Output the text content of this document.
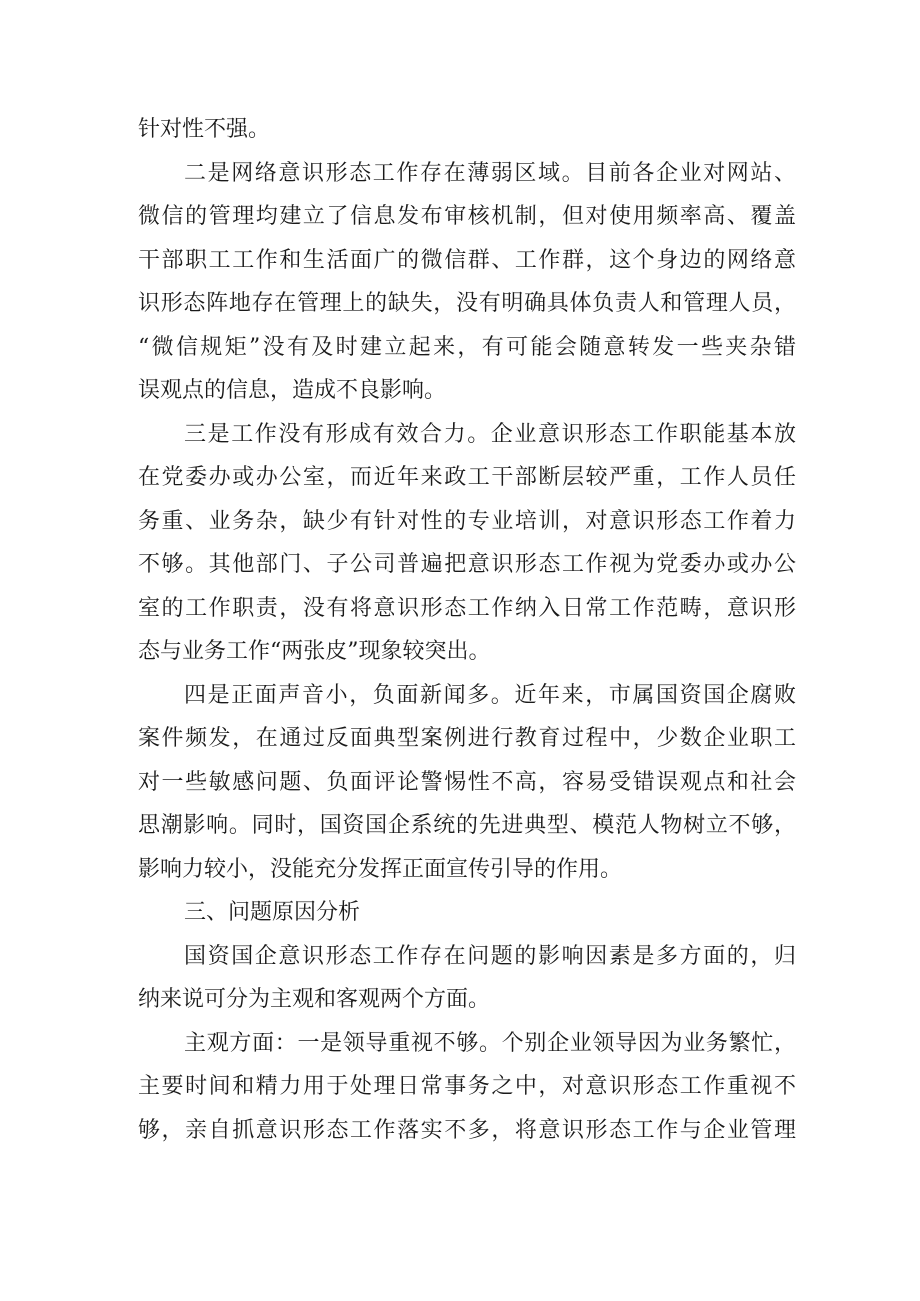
针对性不强。
二是网络意识形态工作存在薄弱区域。目前各企业对网站、
微信的管理均建立了信息发布审核机制，但对使用频率高、覆盖
干部职工工作和生活面广的微信群、工作群，这个身边的网络意
识形态阵地存在管理上的缺失，没有明确具体负责人和管理人员，
“微信规矩”没有及时建立起来，有可能会随意转发一些夹杂错
误观点的信息，造成不良影响。
三是工作没有形成有效合力。企业意识形态工作职能基本放
在党委办或办公室，而近年来政工干部断层较严重，工作人员任
务重、业务杂，缺少有针对性的专业培训，对意识形态工作着力
不够。其他部门、子公司普遍把意识形态工作视为党委办或办公
室的工作职责，没有将意识形态工作纳入日常工作范畴，意识形
态与业务工作“两张皮”现象较突出。
四是正面声音小，负面新闻多。近年来，市属国资国企腐败
案件频发，在通过反面典型案例进行教育过程中，少数企业职工
对一些敏感问题、负面评论警惕性不高，容易受错误观点和社会
思潮影响。同时，国资国企系统的先进典型、模范人物树立不够，
影响力较小，没能充分发挥正面宣传引导的作用。
三、问题原因分析
国资国企意识形态工作存在问题的影响因素是多方面的，归
纳来说可分为主观和客观两个方面。
主观方面：一是领导重视不够。个别企业领导因为业务繁忙，
主要时间和精力用于处理日常事务之中，对意识形态工作重视不
够，亲自抓意识形态工作落实不多，将意识形态工作与企业管理
